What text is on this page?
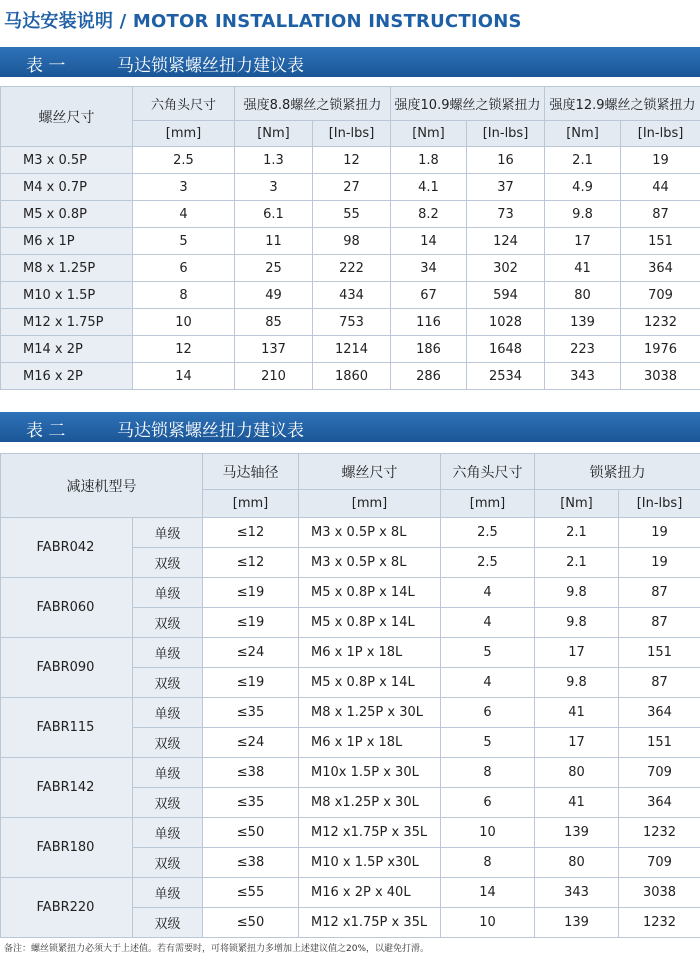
马达安装说明 / MOTOR INSTALLATION INSTRUCTIONS
表 一	马达锁紧螺丝扭力建议表
螺丝尺寸	六角头尺寸	强度8.8螺丝之锁紧扭力		强度10.9螺丝之锁紧扭力		强度12.9螺丝之锁紧扭力	
	[mm]	[Nm]	[In-lbs]	[Nm]	[In-lbs]	[Nm]	[In-lbs]
M3 x 0.5P	2.5	1.3	12	1.8	16	2.1	19
M4 x 0.7P	3	3	27	4.1	37	4.9	44
M5 x 0.8P	4	6.1	55	8.2	73	9.8	87
M6 x 1P	5	11	98	14	124	17	151
M8 x 1.25P	6	25	222	34	302	41	364
M10 x 1.5P	8	49	434	67	594	80	709
M12 x 1.75P	10	85	753	116	1028	139	1232
M14 x 2P	12	137	1214	186	1648	223	1976
M16 x 2P	14	210	1860	286	2534	343	3038
表 二	马达锁紧螺丝扭力建议表
减速机型号		马达轴径	螺丝尺寸	六角头尺寸	锁紧扭力	
		[mm]	[mm]	[mm]	[Nm]	[In-lbs]
FABR042	单级	≤12	M3 x 0.5P x 8L	2.5	2.1	19
	双级	≤12	M3 x 0.5P x 8L	2.5	2.1	19
FABR060	单级	≤19	M5 x 0.8P x 14L	4	9.8	87
	双级	≤19	M5 x 0.8P x 14L	4	9.8	87
FABR090	单级	≤24	M6 x 1P x 18L	5	17	151
	双级	≤19	M5 x 0.8P x 14L	4	9.8	87
FABR115	单级	≤35	M8 x 1.25P x 30L	6	41	364
	双级	≤24	M6 x 1P x 18L	5	17	151
FABR142	单级	≤38	M10x 1.5P x 30L	8	80	709
	双级	≤35	M8 x1.25P x 30L	6	41	364
FABR180	单级	≤50	M12 x1.75P x 35L	10	139	1232
	双级	≤38	M10 x 1.5P x30L	8	80	709
FABR220	单级	≤55	M16 x 2P x 40L	14	343	3038
	双级	≤50	M12 x1.75P x 35L	10	139	1232
备注：螺丝锁紧扭力必须大于上述值。若有需要时，可将锁紧扭力多增加上述建议值之20%，以避免打滑。
